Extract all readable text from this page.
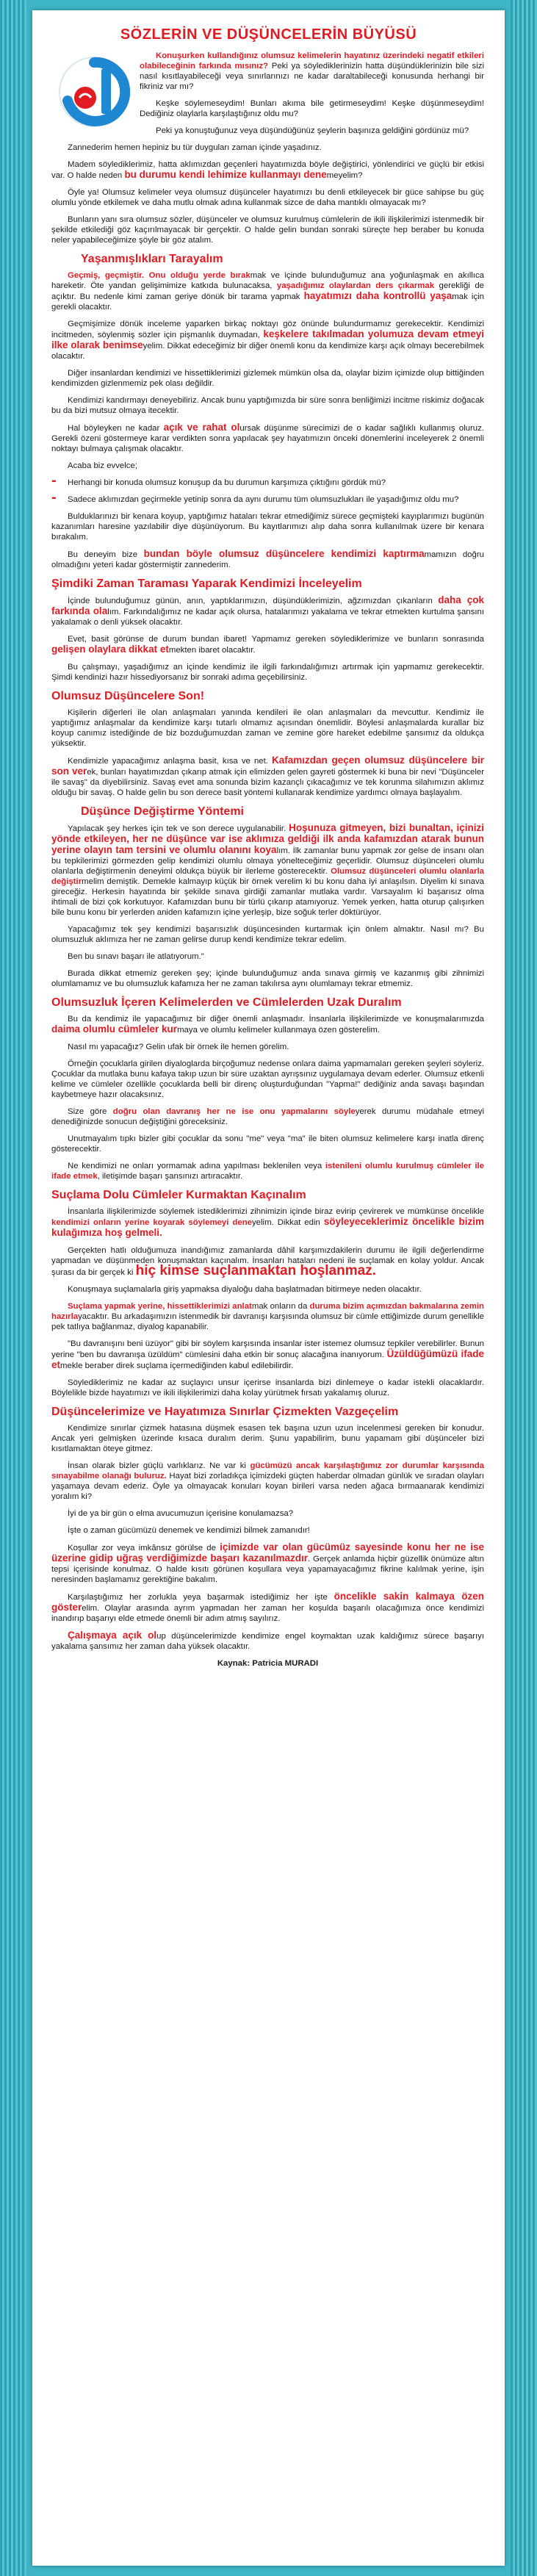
SÖZLERİN VE DÜŞÜNCELERİN BÜYÜSÜ

Konuşurken kullandığınız olumsuz kelimelerin hayatınız üzerindeki negatif etkileri olabileceğinin farkında mısınız? Peki ya söylediklerinizin hatta düşündüklerinizin bile sizi nasıl kısıtlayabileceği veya sınırlarınızı ne kadar daraltabileceği konusunda herhangi bir fikriniz var mı?

Keşke söylemeseydim! Bunları akıma bile getirmeseydim! Keşke düşünmeseydim! Dediğiniz olaylarla karşılaştığınız oldu mu?

Peki ya konuştuğunuz veya düşündüğünüz şeylerin başınıza geldiğini gördünüz mü?

Zannederim hemen hepiniz bu tür duyguları zaman içinde yaşadınız.

Madem söylediklerimiz, hatta aklımızdan geçenleri hayatımızda böyle değiştirici, yönlendirici ve güçlü bir etkisi var. O halde neden bu durumu kendi lehimize kullanmayı denemeyelim?

Öyle ya! Olumsuz kelimeler veya olumsuz düşünceler hayatımızı bu denli etkileyecek bir güce sahipse bu güç olumlu yönde etkilemek ve daha mutlu olmak adına kullanmak sizce de daha mantıklı olmayacak mı?

Bunların yanı sıra olumsuz sözler, düşünceler ve olumsuz kurulmuş cümlelerin de ikili ilişkilerimizi istenmedik bir şekilde etkilediği göz kaçırılmayacak bir gerçektir. O halde gelin bundan sonraki süreçte hep beraber bu konuda neler yapabileceğimize şöyle bir göz atalım.

Yaşanmışlıkları Tarayalım

Geçmiş, geçmiştir. Onu olduğu yerde bırakmak ve içinde bulunduğumuz ana yoğunlaşmak en akıllıca hareketir. Öte yandan gelişimimize katkıda bulunacaksa, yaşadığımız olaylardan ders çıkarmak gerekliği de açıktır. Bu nedenle kimi zaman geriye dönük bir tarama yapmak hayatımızı daha kontrollü yaşamak için gerekli olacaktır.

Geçmişimize dönük inceleme yaparken birkaç noktayı göz önünde bulundurmamız gerekecektir. Kendimizi incitmeden, söylenmiş sözler için pişmanlık duymadan, keşkelere takılmadan yolumuza devam etmeyi ilke olarak benimseyelim. Dikkat edeceğimiz bir diğer önemli konu da kendimize karşı açık olmayı becerebilmek olacaktır.

Diğer insanlardan kendimizi ve hissettiklerimizi gizlemek mümkün olsa da, olaylar bizim içimizde olup bittiğinden kendimizden gizlenmemiz pek olası değildir.

Kendimizi kandırmayı deneyebiliriz. Ancak bunu yaptığımızda bir süre sonra benliğimizi incitme riskimiz doğacak bu da bizi mutsuz olmaya itecektir.

Hal böyleyken ne kadar açık ve rahat olursak düşünme sürecimizi de o kadar sağlıklı kullanmış oluruz. Gerekli özeni göstermeye karar verdikten sonra yapılacak şey hayatımızın önceki dönemlerini inceleyerek 2 önemli noktayı bulmaya çalışmak olacaktır.

Acaba biz evvelce;

- Herhangi bir konuda olumsuz konuşup da bu durumun karşımıza çıktığını gördük mü?

- Sadece aklımızdan geçirmekle yetinip sonra da aynı durumu tüm olumsuzlukları ile yaşadığımız oldu mu?

Bulduklarınızı bir kenara koyup, yaptığımız hataları tekrar etmediğimiz sürece geçmişteki kayıplarımızı bugünün kazanımları haresine yazılabilir diye düşünüyorum. Bu kayıtlarımızı alıp daha sonra kullanılmak üzere bir kenara bırakalım.

Bu deneyim bize bundan böyle olumsuz düşüncelere kendimizi kaptırmamamızın doğru olmadığını yeteri kadar göstermiştir zannederim.

Şimdiki Zaman Taraması Yaparak Kendimizi İnceleyelim

İçinde bulunduğumuz günün, anın, yaptıklarımızın, düşündüklerimizin, ağzımızdan çıkanların daha çok farkında olalım. Farkındalığımız ne kadar açık olursa, hatalarımızı yakalama ve tekrar etmekten kurtulma şansını yakalamak o denli yüksek olacaktır.

Evet, basit görünse de durum bundan ibaret! Yapmamız gereken söylediklerimize ve bunların sonrasında gelişen olaylara dikkat etmekten ibaret olacaktır.

Bu çalışmayı, yaşadığımız an içinde kendimiz ile ilgili farkındalığımızı artırmak için yapmamız gerekecektir. Şimdi kendinizi hazır hissediyorsanız bir sonraki adıma geçebilirsiniz.

Olumsuz Düşüncelere Son!

Kişilerin diğerleri ile olan anlaşmaları yanında kendileri ile olan anlaşmaları da mevcuttur. Kendimiz ile yaptığımız anlaşmalar da kendimize karşı tutarlı olmamız açısından önemlidir. Böylesi anlaşmalarda kurallar biz koyup canımız istediğinde de biz bozduğumuzdan zaman ve zemine göre hareket edebilme şansımız da oldukça yüksektir.

Kendimizle yapacağımız anlaşma basit, kısa ve net. Kafamızdan geçen olumsuz düşüncelere bir son verek, bunları hayatımızdan çıkarıp atmak için elimizden gelen gayreti göstermek ki buna bir nevi "Düşünceler ile savaş" da diyebilirsiniz. Savaş evet ama sonunda bizim kazançlı çıkacağımız ve tek korunma silahımızın aklımız olduğu bir savaş. O halde gelin bu son derece basit yöntemi kullanarak kendimize yardımcı olmaya başlayalım.

Düşünce Değiştirme Yöntemi

Yapılacak şey herkes için tek ve son derece uygulanabilir. Hoşunuza gitmeyen, bizi bunaltan, içinizi yönde etkileyen, her ne düşünce var ise aklımıza geldiği ilk anda kafamızdan atarak bunun yerine olayın tam tersini ve olumlu olanını koyalım. İlk zamanlar bunu yapmak zor gelse de insanı olan bu tepkilerimizi görmezden gelip kendimizi olumlu olmaya yönelteceğimiz geçerlidir. Olumsuz düşünceleri olumlu olanlarla değiştirmenin deneyimi oldukça büyük bir ilerleme gösterecektir. Olumsuz düşünceleri olumlu olanlarla değiştirmelim demiştik. Demekle kalmayıp küçük bir örnek verelim ki bu konu daha iyi anlaşılsın. Diyelim ki sınava gireceğiz. Herkesin hayatında bir şekilde sınava girdiği zamanlar mutlaka vardır. Varsayalım ki başarısız olma ihtimali de bizi çok korkutuyor. Kafamızdan bunu bir türlü çıkarıp atamıyoruz. Yemek yerken, hatta oturup çalışırken bile bunu konu bir yerlerden aniden kafamızın içine yerleşip, bize soğuk terler döktürüyor.

Yapacağımız tek şey kendimizi başarısızlık düşüncesinden kurtarmak için önlem almaktır. Nasıl mı? Bu olumsuzluk aklımıza her ne zaman gelirse durup kendi kendimize tekrar edelim.

Ben bu sınavı başarı ile atlatıyorum."

Burada dikkat etmemiz gereken şey; içinde bulunduğumuz anda sınava girmiş ve kazanmış gibi zihnimizi olumlamamız ve bu olumsuzluk kafamıza her ne zaman takılırsa aynı olumlamayı tekrar etmemiz.

Olumsuzluk İçeren Kelimelerden ve Cümlelerden Uzak Duralım

Bu da kendimiz ile yapacağımız bir diğer önemli anlaşmadır. İnsanlarla ilişkilerimizde ve konuşmalarımızda daima olumlu cümleler kurmaya ve olumlu kelimeler kullanmaya özen gösterelim.

Nasıl mı yapacağız? Gelin ufak bir örnek ile hemen görelim.

Örneğin çocuklarla girilen diyaloglarda birçoğumuz nedense onlara daima yapmamaları gereken şeyleri söyleriz. Çocuklar da mutlaka bunu kafaya takıp uzun bir süre uzaktan ayrışsınız uygulamaya devam ederler. Olumsuz etkenli kelime ve cümleler özellikle çocuklarda belli bir direnç oluşturduğundan "Yapma!" dediğiniz anda savaşı başından kaybetmeye hazır olacaksınız.

Size göre doğru olan davranış her ne ise onu yapmalarını söyleyerek durumu müdahale etmeyi denediğinizde sonucun değiştiğini göreceksiniz.

Unutmayalım tıpkı bizler gibi çocuklar da sonu "me" veya "ma" ile biten olumsuz kelimelere karşı inatla direnç gösterecektir.

Ne kendimizi ne onları yormamak adına yapılması beklenilen veya istenileni olumlu kurulmuş cümleler ile ifade etmek, iletişimde başarı şansınızı artıracaktır.

Suçlama Dolu Cümleler Kurmaktan Kaçınalım

İnsanlarla ilişkilerimizde söylemek istediklerimizi zihnimizin içinde biraz evirip çevirerek ve mümkünse öncelikle kendimizi onların yerine koyarak söylemeyi deneyelim. Dikkat edin söyleyeceklerimiz öncelikle bizim kulağımıza hoş gelmeli.

Gerçekten hatlı olduğumuza inandığımız zamanlarda dâhil karşımızdakilerin durumu ile ilgili değerlendirme yapmadan ve düşünmeden konuşmaktan kaçınalım. İnsanları hataları nedeni ile suçlamak en kolay yoldur. Ancak şurası da bir gerçek ki hiç kimse suçlanmaktan hoşlanmaz.

Konuşmaya suçlamalarla giriş yapmaksa diyaloğu daha başlatmadan bitirmeye neden olacaktır.

Suçlama yapmak yerine, hissettiklerimizi anlatmak onların da duruma bizim açımızdan bakmalarına zemin hazırlayacaktır. Bu arkadaşımızın istenmedik bir davranışı karşısında olumsuz bir cümle ettiğimizde durum genellikle pek tatlıya bağlanmaz, diyalog kapanabilir.

"Bu davranışını beni üzüyor" gibi bir söylem karşısında insanlar ister istemez olumsuz tepkiler verebilirler. Bunun yerine "ben bu davranışa üzüldüm" cümlesini daha etkin bir sonuç alacağına inanıyorum. Üzüldüğümüzü ifade etmekle beraber direk suçlama içermediğinden kabul edilebilirdir.

Söylediklerimiz ne kadar az suçlayıcı unsur içerirse insanlarda bizi dinlemeye o kadar istekli olacaklardır. Böylelikle bizde hayatımızı ve ikili ilişkilerimizi daha kolay yürütmek fırsatı yakalamış oluruz.

Düşüncelerimize ve Hayatımıza Sınırlar Çizmekten Vazgeçelim

Kendimize sınırlar çizmek hatasına düşmek esasen tek başına uzun uzun incelenmesi gereken bir konudur. Ancak yeri gelmişken üzerinde kısaca duralım derim. Şunu yapabilirim, bunu yapamam gibi düşünceler bizi kısıtlamaktan öteye gitmez.

İnsan olarak bizler güçlü varlıklarız. Ne var ki gücümüzü ancak karşılaştığımız zor durumlar karşısında sınayabilme olanağı buluruz. Hayat bizi zorladıkça içimizdeki güçten haberdar olmadan günlük ve sıradan olayları yaşamaya devam ederiz. Öyle ya olmayacak konuları koyan birileri varsa neden ağaca bırmaanarak kendimizi yoralım ki?

İyi de ya bir gün o elma avucumuzun içerisine konulamazsa?

İşte o zaman gücümüzü denemek ve kendimizi bilmek zamanıdır!

Koşullar zor veya imkânsız görülse de içimizde var olan gücümüz sayesinde konu her ne ise üzerine gidip uğraş verdiğimizde başarı kazanılmazdır. Gerçek anlamda hiçbir güzellik önümüze altın tepsi içerisinde konulmaz. O halde kısıtı görünen koşullara veya yapamayacağımız fikrine kalılmak yerine, işin neresinden başlamamız gerektiğine bakalım.

Karşılaştığımız her zorlukla yeya başarmak istediğimiz her işte öncelikle sakin kalmaya özen gösterelim. Olaylar arasında ayrım yapmadan her zaman her koşulda başarılı olacağımıza önce kendimizi inandırıp başarıyı elde etmede önemli bir adım atmış sayılırız.

Çalışmaya açık olup düşüncelerimizde kendimize engel koymaktan uzak kaldığımız sürece başarıyı yakalama şansımız her zaman daha yüksek olacaktır.

Kaynak: Patricia MURADI
